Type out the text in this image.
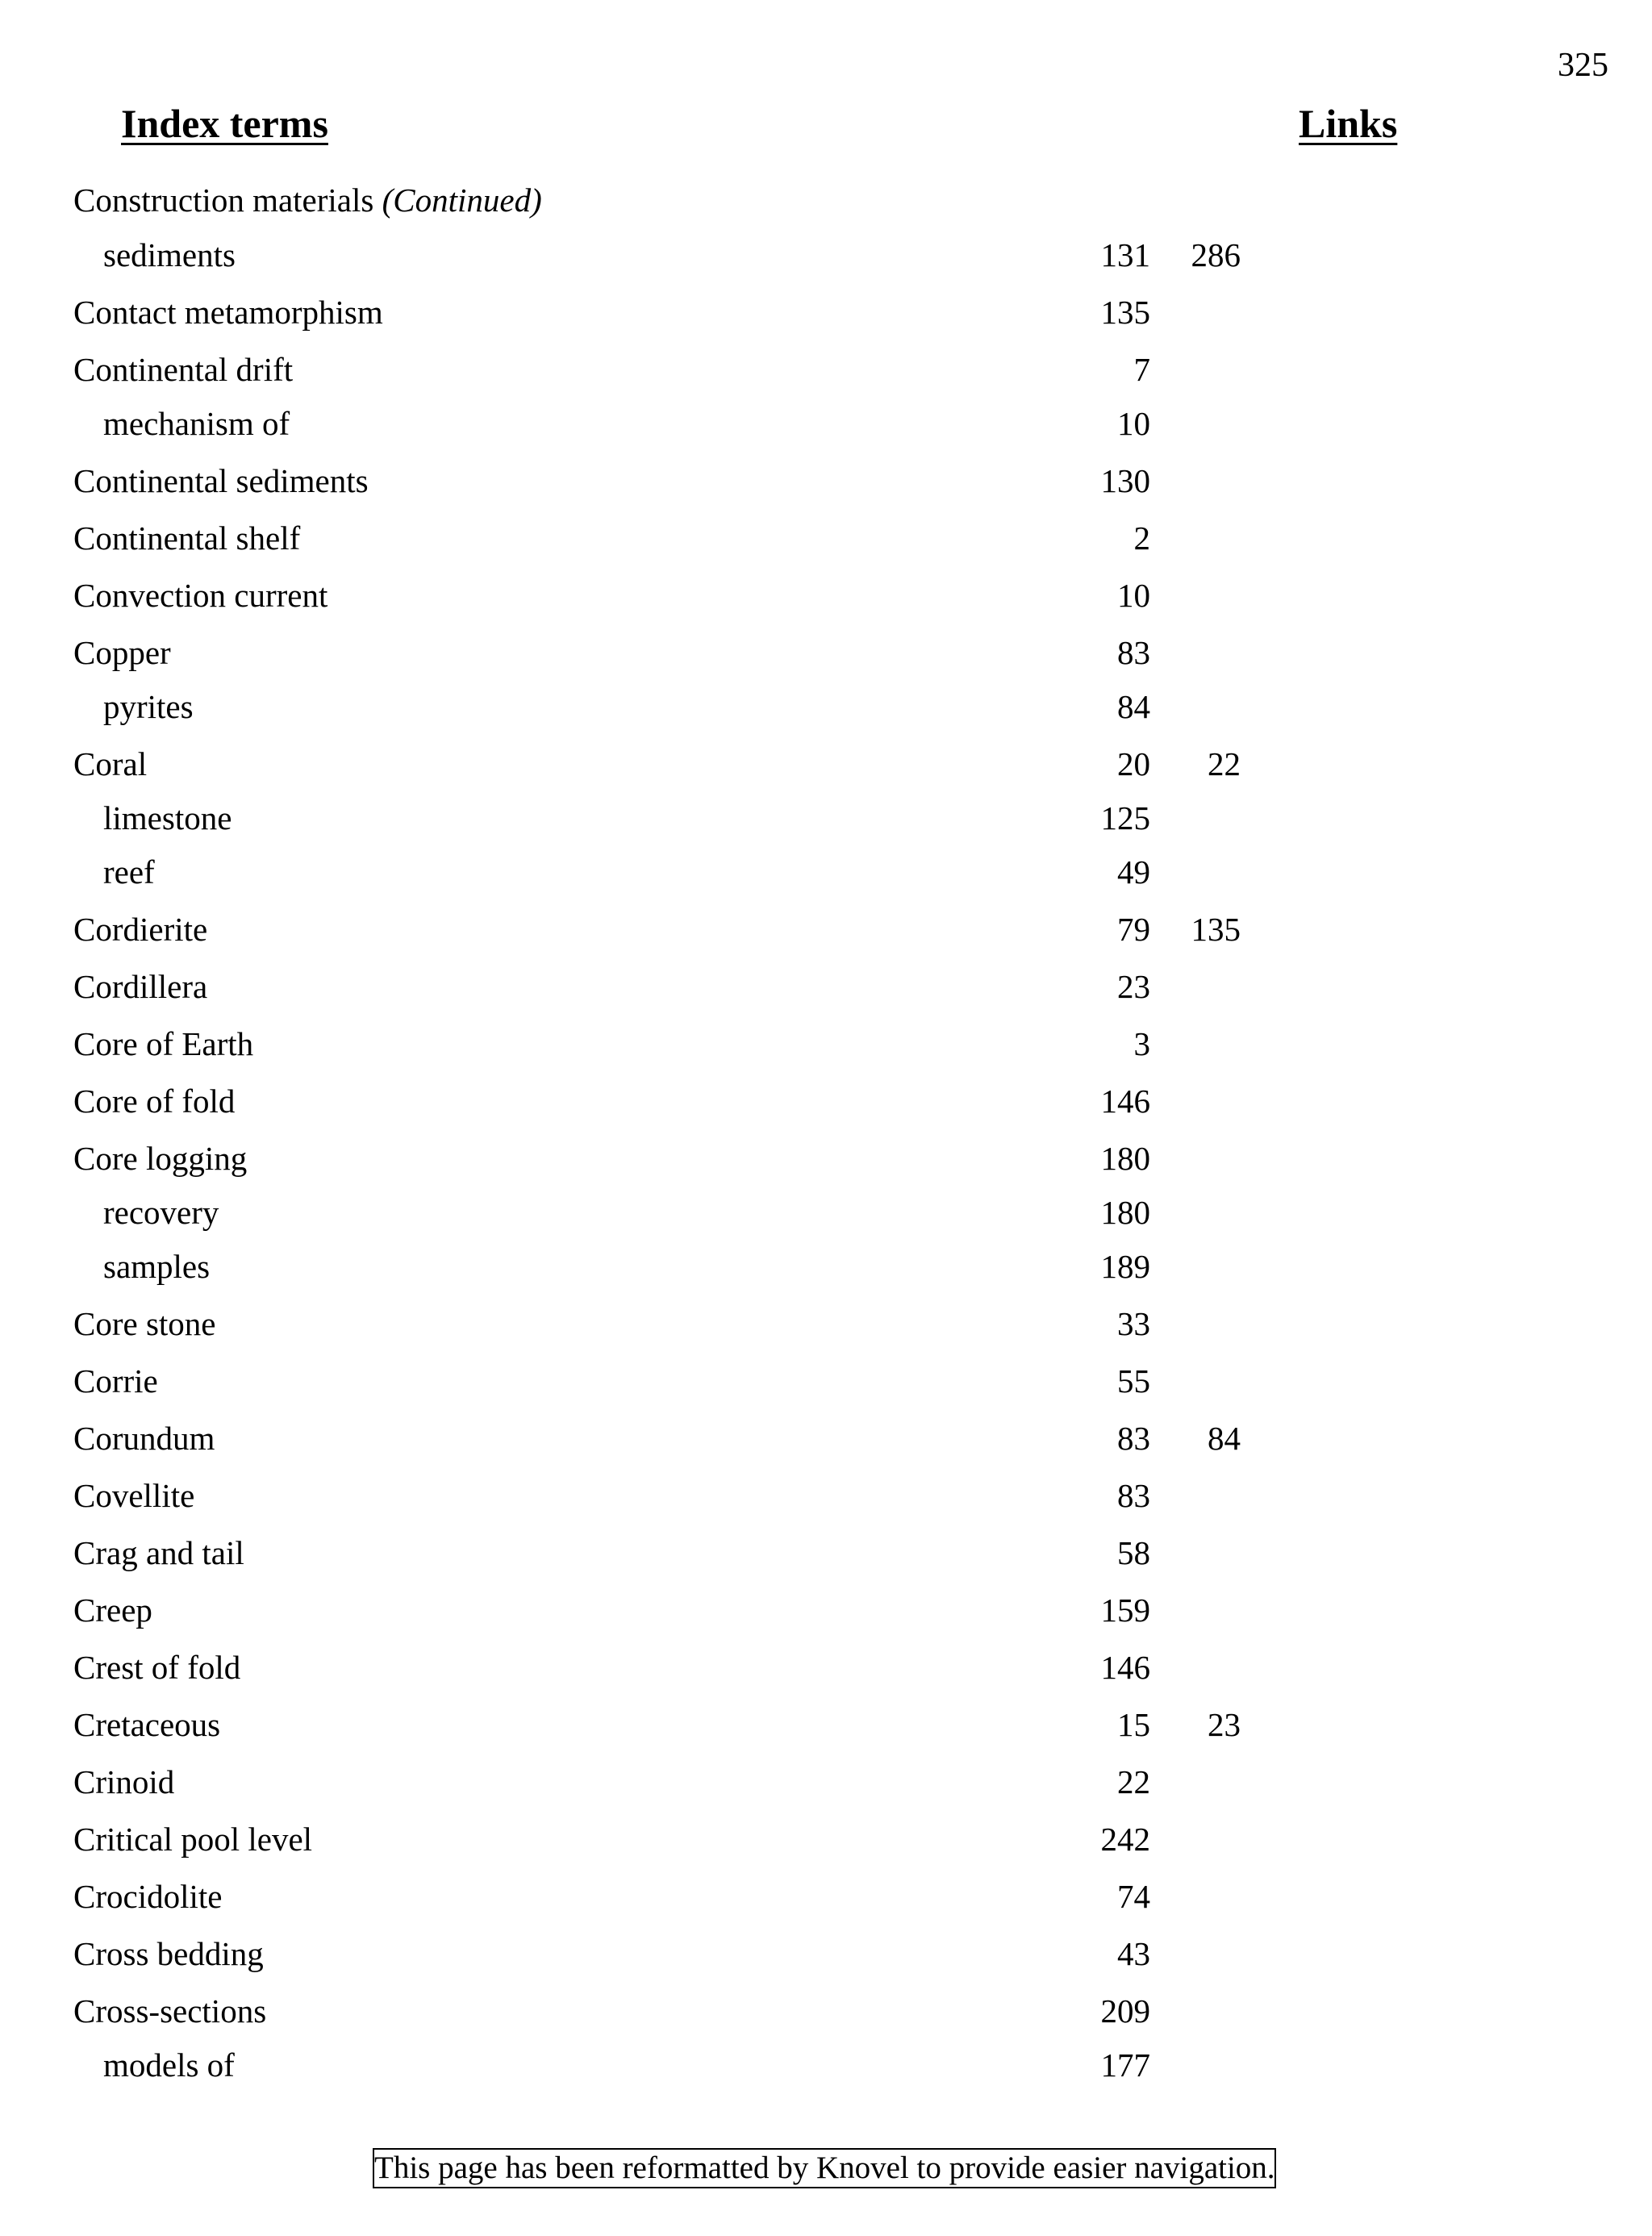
325
Index terms	Links
Construction materials (Continued)
sediments	131 286
Contact metamorphism	135
Continental drift	7
mechanism of	10
Continental sediments	130
Continental shelf	2
Convection current	10
Copper	83
pyrites	84
Coral	20 22
limestone	125
reef	49
Cordierite	79 135
Cordillera	23
Core of Earth	3
Core of fold	146
Core logging	180
recovery	180
samples	189
Core stone	33
Corrie	55
Corundum	83 84
Covellite	83
Crag and tail	58
Creep	159
Crest of fold	146
Cretaceous	15 23
Crinoid	22
Critical pool level	242
Crocidolite	74
Cross bedding	43
Cross-sections	209
models of	177
This page has been reformatted by Knovel to provide easier navigation.
